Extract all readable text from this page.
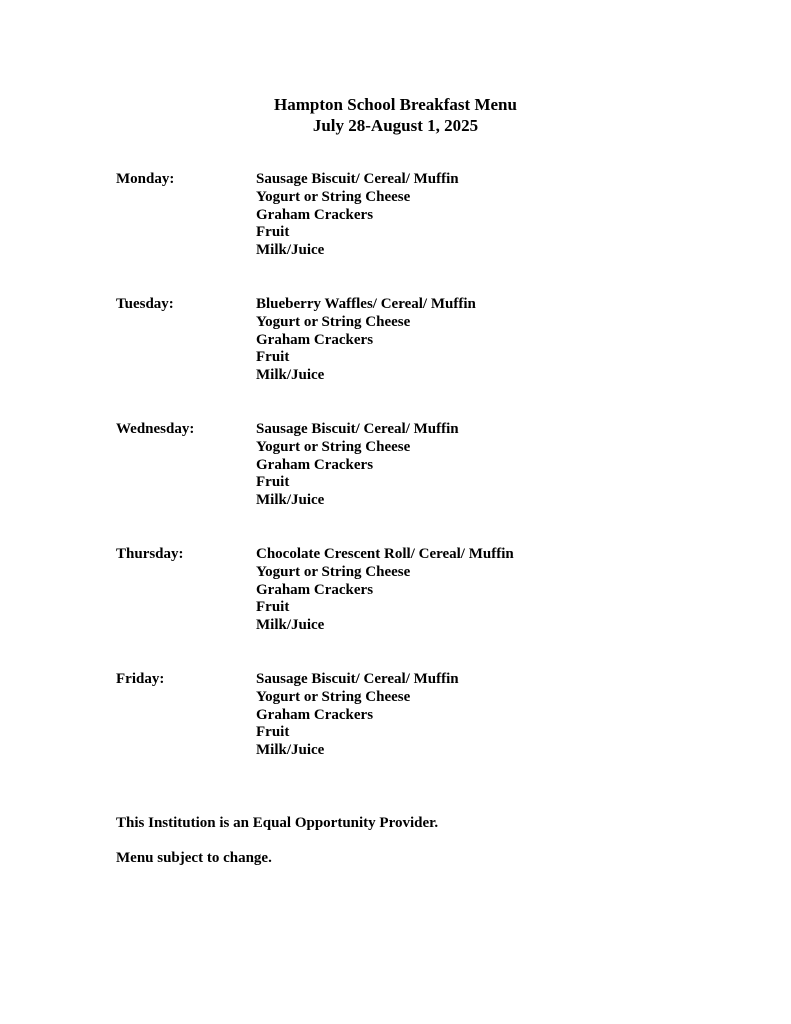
Hampton School Breakfast Menu
July 28-August 1, 2025
Monday:	Sausage Biscuit/ Cereal/ Muffin
Yogurt or String Cheese
Graham Crackers
Fruit
Milk/Juice
Tuesday:	Blueberry Waffles/ Cereal/ Muffin
Yogurt or String Cheese
Graham Crackers
Fruit
Milk/Juice
Wednesday:	Sausage Biscuit/ Cereal/ Muffin
Yogurt or String Cheese
Graham Crackers
Fruit
Milk/Juice
Thursday:	Chocolate Crescent Roll/ Cereal/ Muffin
Yogurt or String Cheese
Graham Crackers
Fruit
Milk/Juice
Friday:	Sausage Biscuit/ Cereal/ Muffin
Yogurt or String Cheese
Graham Crackers
Fruit
Milk/Juice
This Institution is an Equal Opportunity Provider.
Menu subject to change.
